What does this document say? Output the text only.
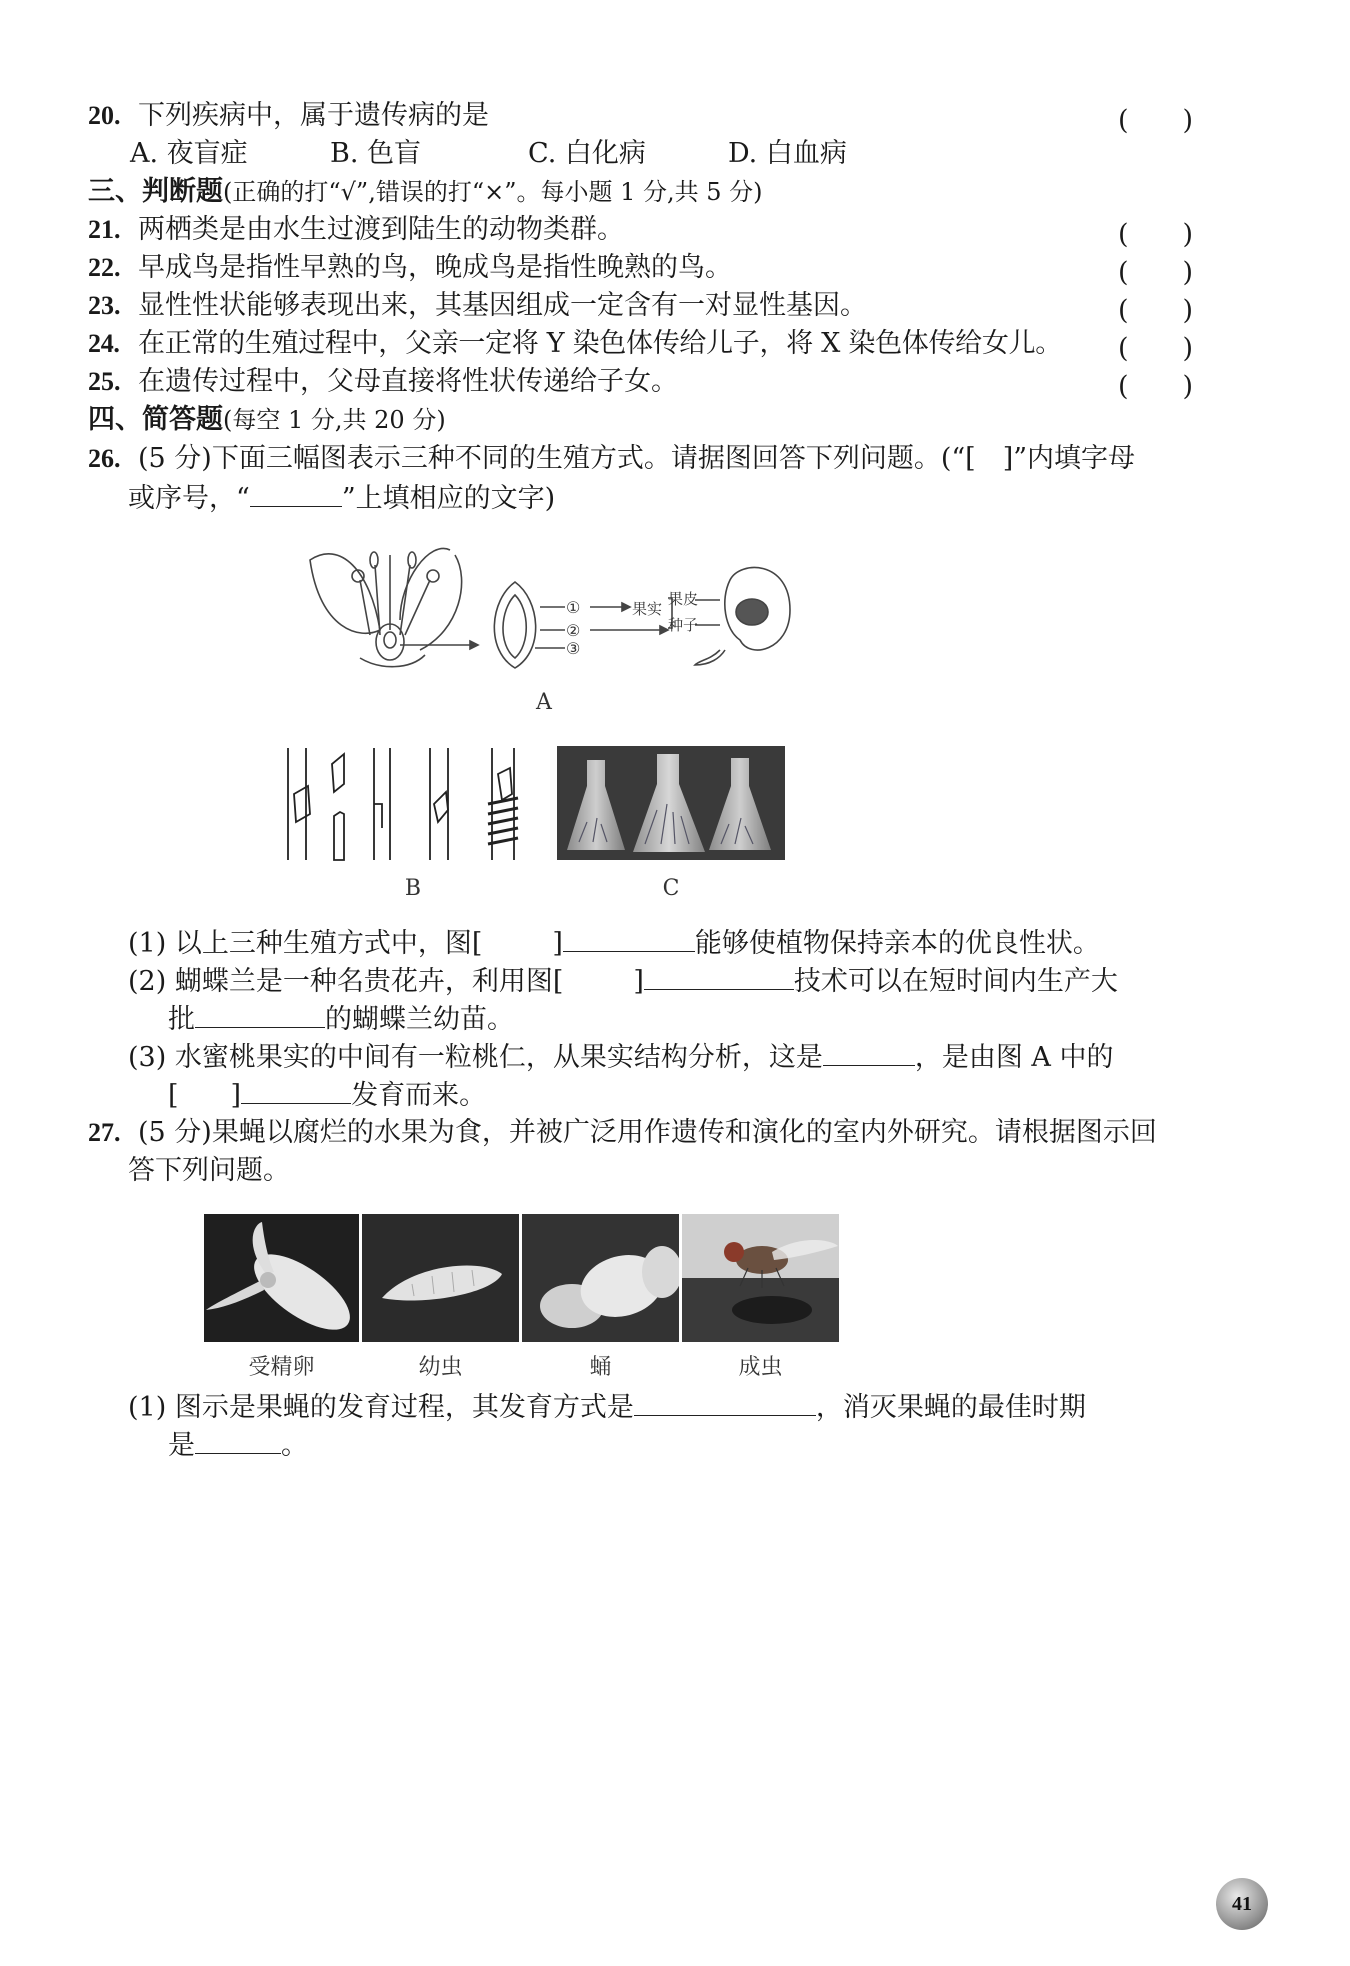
20. 下列疾病中，属于遗传病的是	(　　)
A. 夜盲症	B. 色盲	C. 白化病	D. 白血病
三、判断题(正确的打“√”,错误的打“×”。每小题 1 分,共 5 分)
21. 两栖类是由水生过渡到陆生的动物类群。	(　　)
22. 早成鸟是指性早熟的鸟，晚成鸟是指性晚熟的鸟。	(　　)
23. 显性性状能够表现出来，其基因组成一定含有一对显性基因。	(　　)
24. 在正常的生殖过程中，父亲一定将 Y 染色体传给儿子，将 X 染色体传给女儿。 (　　)
25. 在遗传过程中，父母直接将性状传递给子女。	(　　)
四、简答题(每空 1 分,共 20 分)
26. (5 分)下面三幅图表示三种不同的生殖方式。请据图回答下列问题。(“[　]”内填字母
或序号，“	”上填相应的文字)
①
②
③
果实
果皮
种子
A
B	C
(1) 以上三种生殖方式中，图[	]	能够使植物保持亲本的优良性状。
(2) 蝴蝶兰是一种名贵花卉，利用图[	]	技术可以在短时间内生产大
批	的蝴蝶兰幼苗。
(3) 水蜜桃果实的中间有一粒桃仁，从果实结构分析，这是	，是由图 A 中的
[ ]	发育而来。
27. (5 分)果蝇以腐烂的水果为食，并被广泛用作遗传和演化的室内外研究。请根据图示回
答下列问题。
受精卵	幼虫	蛹	成虫
(1) 图示是果蝇的发育过程，其发育方式是	，消灭果蝇的最佳时期
是	。
41
